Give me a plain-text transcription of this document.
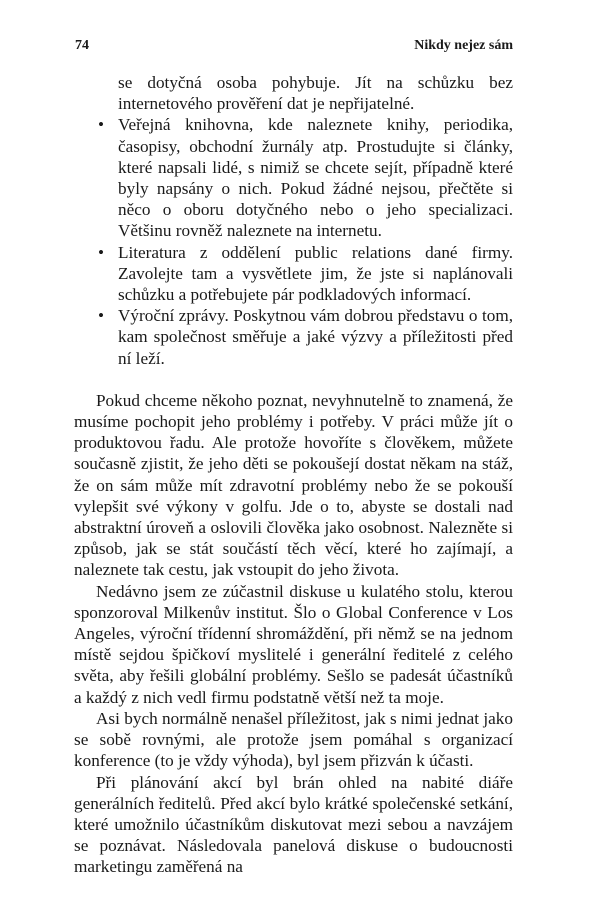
74	Nikdy nejez sám

se dotyčná osoba pohybuje. Jít na schůzku bez internetového prověření dat je nepřijatelné.

• Veřejná knihovna, kde naleznete knihy, periodika, časopisy, obchodní žurnály atp. Prostudujte si články, které napsali lidé, s nimiž se chcete sejít, případně které byly napsány o nich. Pokud žádné nejsou, přečtěte si něco o oboru dotyčného nebo o jeho specializaci. Většinu rovněž naleznete na internetu.
• Literatura z oddělení public relations dané firmy. Zavolejte tam a vysvětlete jim, že jste si naplánovali schůzku a potřebujete pár podkladových informací.
• Výroční zprávy. Poskytnou vám dobrou představu o tom, kam společnost směřuje a jaké výzvy a příležitosti před ní leží.

Pokud chceme někoho poznat, nevyhnutelně to znamená, že musíme pochopit jeho problémy i potřeby. V práci může jít o produktovou řadu. Ale protože hovoříte s člověkem, můžete současně zjistit, že jeho děti se pokoušejí dostat někam na stáž, že on sám může mít zdravotní problémy nebo že se pokouší vylepšit své výkony v golfu. Jde o to, abyste se dostali nad abstraktní úroveň a oslovili člověka jako osobnost. Nalezněte si způsob, jak se stát součástí těch věcí, které ho zajímají, a naleznete tak cestu, jak vstoupit do jeho života.

Nedávno jsem ze zúčastnil diskuse u kulatého stolu, kterou sponzoroval Milkenův institut. Šlo o Global Conference v Los Angeles, výroční třídenní shromáždění, při němž se na jednom místě sejdou špičkoví myslitelé i generální ředitelé z celého světa, aby řešili globální problémy. Sešlo se padesát účastníků a každý z nich vedl firmu podstatně větší než ta moje.

Asi bych normálně nenašel příležitost, jak s nimi jednat jako se sobě rovnými, ale protože jsem pomáhal s organizací konference (to je vždy výhoda), byl jsem přizván k účasti.

Při plánování akcí byl brán ohled na nabité diáře generálních ředitelů. Před akcí bylo krátké společenské setkání, které umožnilo účastníkům diskutovat mezi sebou a navzájem se poznávat. Následovala panelová diskuse o budoucnosti marketingu zaměřená na
